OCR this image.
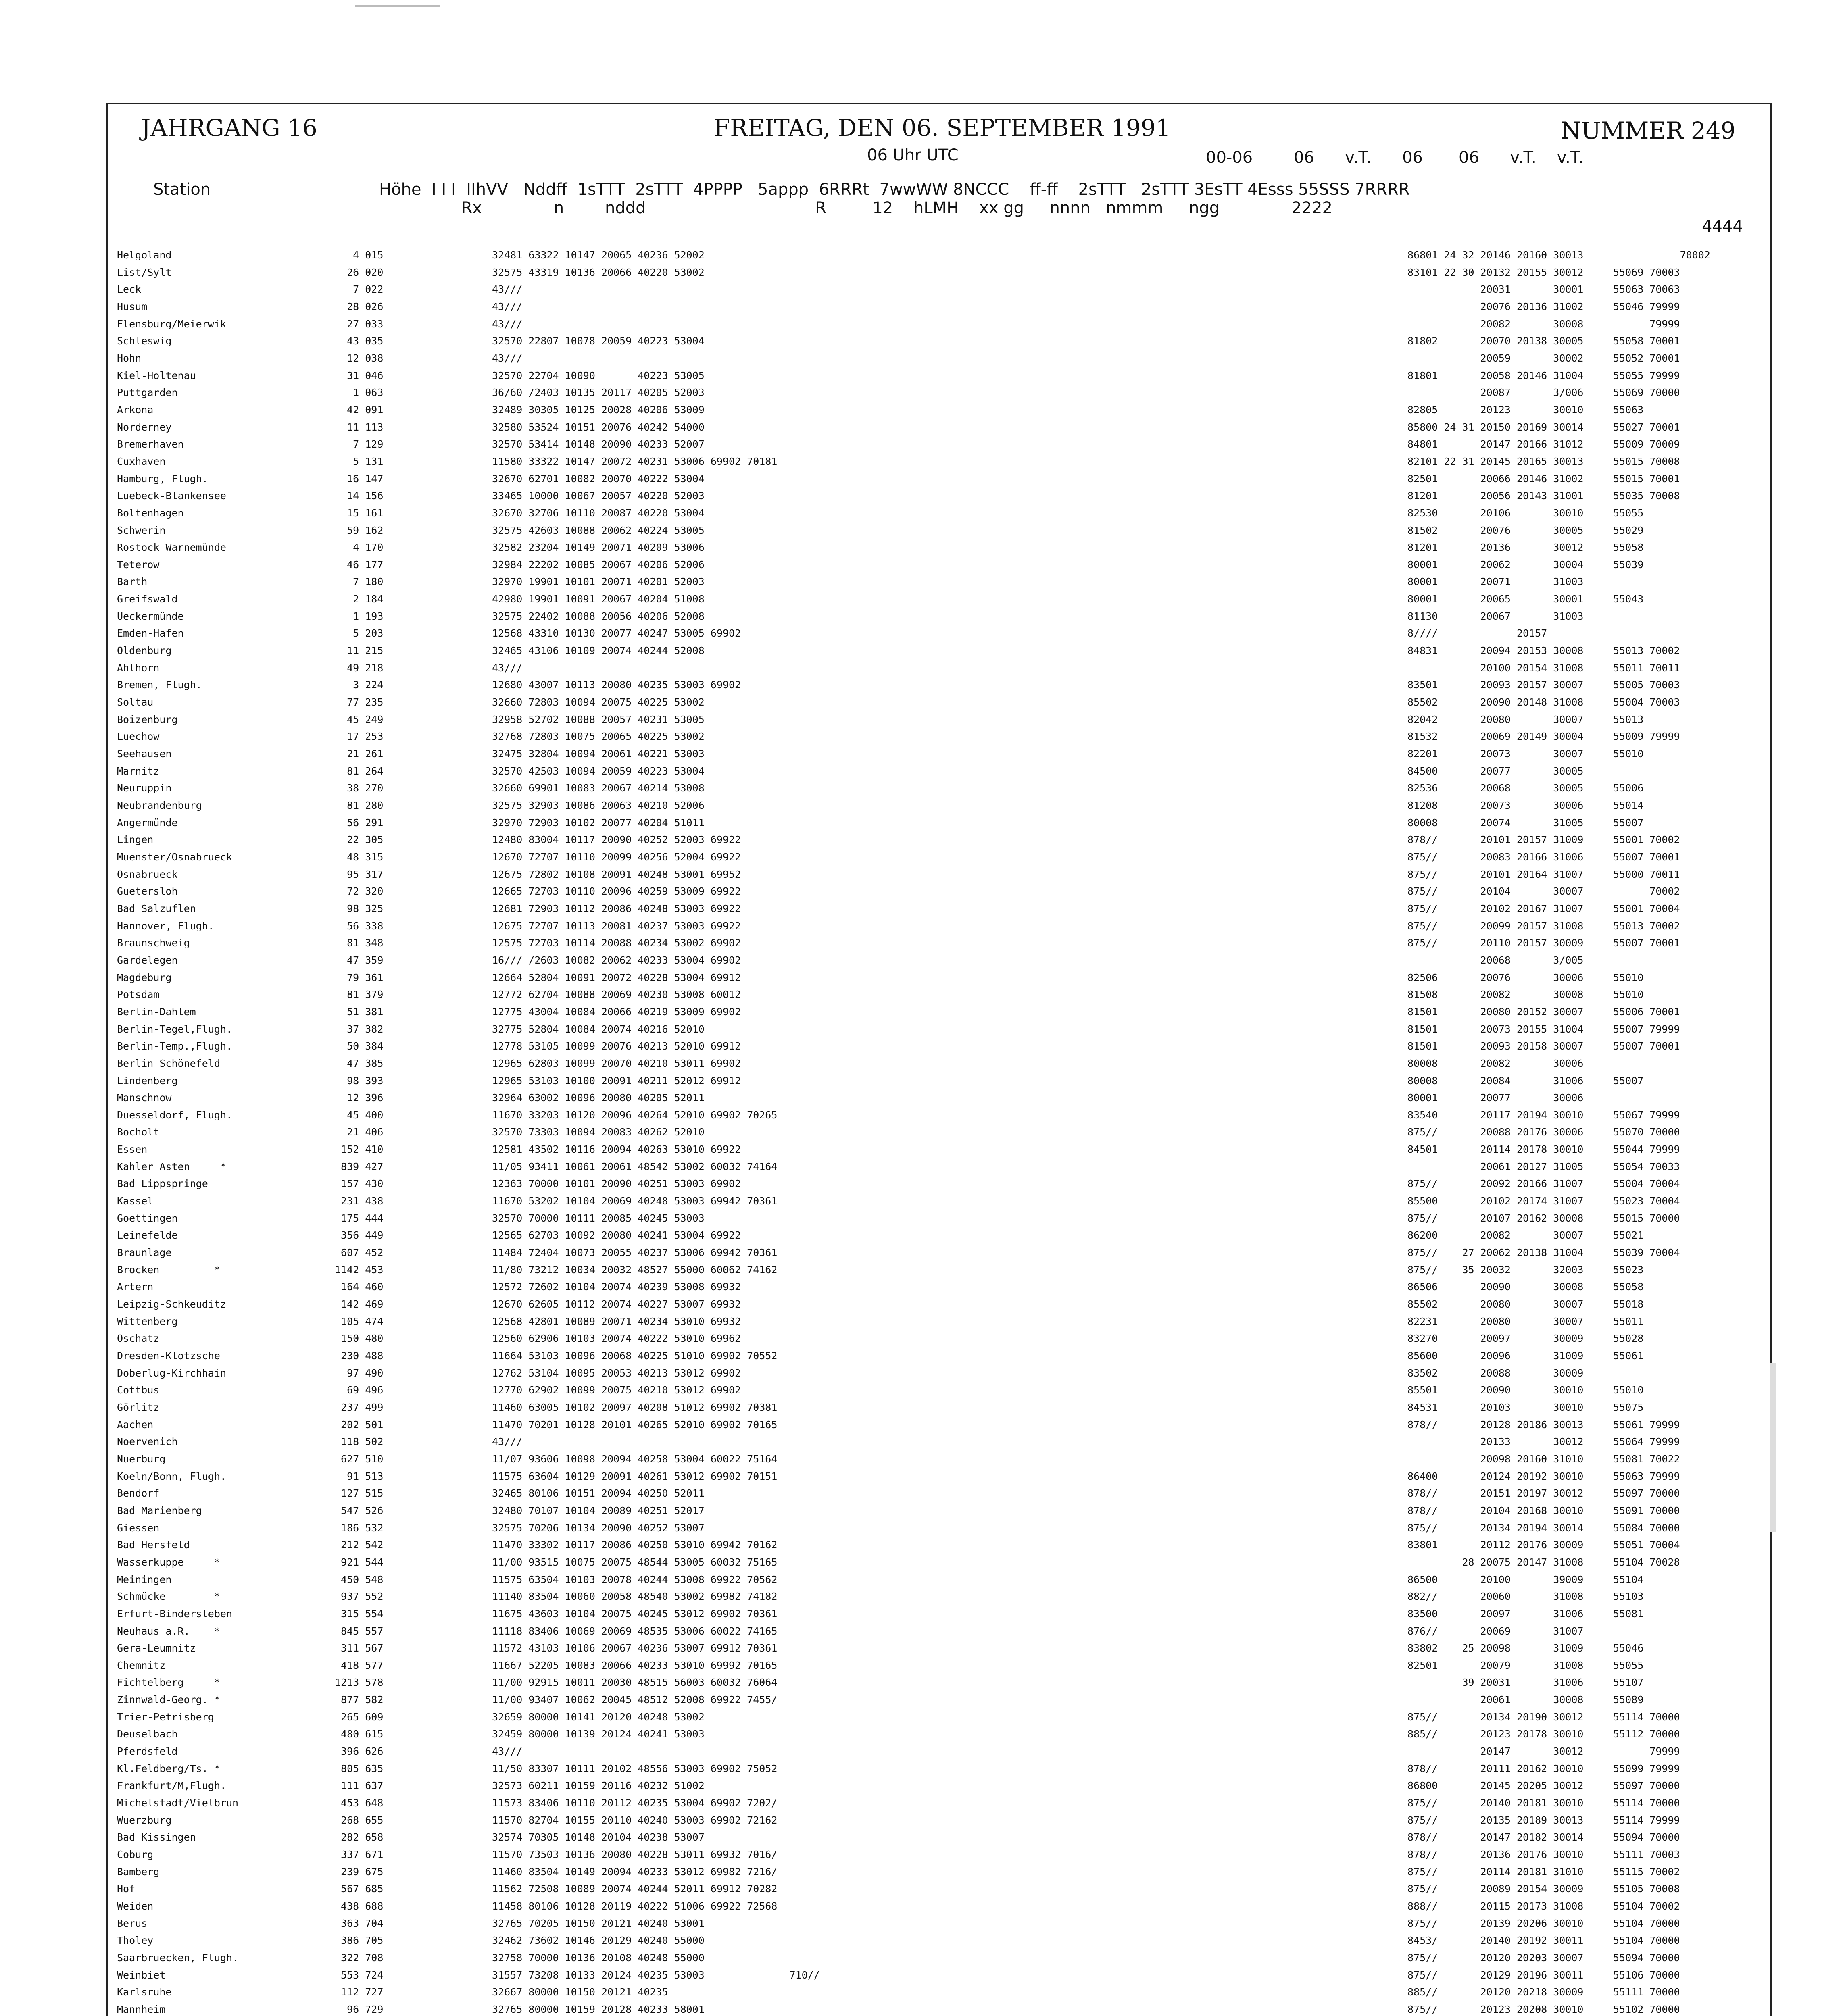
JAHRGANG 16	FREITAG, DEN 06. SEPTEMBER 1991	NUMMER 249
06 Uhr UTC	00-06        06      v.T.      06       06      v.T.    v.T.
Station	Höhe  I I I  IIhVV   Nddff  1sTTT  2sTTT  4PPPP   5appp  6RRRt  7wwWW 8NCCC    ff-ff    2sTTT   2sTTT 3EsTT 4Esss 55SSS 7RRRR
Rx              n        nddd                                 R         12    hLMH    xx gg     nnnn   nmmm     ngg              2222
4444
Helgoland	4 015	32481 63322 10147 20065 40236 52002	86801 24 32 20146 20160 30013	70002
List/Sylt	26 020	32575 43319 10136 20066 40220 53002	83101 22 30 20132 20155 30012	55069 70003
Leck	7 022	43///	20031       30001	55063 70063
Husum	28 026	43///	20076 20136 31002	55046 79999
Flensburg/Meierwik	27 033	43///	20082       30008	79999
Schleswig	43 035	32570 22807 10078 20059 40223 53004	81802       20070 20138 30005	55058 70001
Hohn	12 038	43///	20059       30002	55052 70001
Kiel-Holtenau	31 046	32570 22704 10090       40223 53005	81801       20058 20146 31004	55055 79999
Puttgarden	1 063	36/60 /2403 10135 20117 40205 52003	20087       3/006	55069 70000
Arkona	42 091	32489 30305 10125 20028 40206 53009	82805       20123       30010	55063
Norderney	11 113	32580 53524 10151 20076 40242 54000	85800 24 31 20150 20169 30014	55027 70001
Bremerhaven	7 129	32570 53414 10148 20090 40233 52007	84801       20147 20166 31012	55009 70009
Cuxhaven	5 131	11580 33322 10147 20072 40231 53006 69902 70181	82101 22 31 20145 20165 30013	55015 70008
Hamburg, Flugh.	16 147	32670 62701 10082 20070 40222 53004	82501       20066 20146 31002	55015 70001
Luebeck-Blankensee	14 156	33465 10000 10067 20057 40220 52003	81201       20056 20143 31001	55035 70008
Boltenhagen	15 161	32670 32706 10110 20087 40220 53004	82530       20106       30010	55055
Schwerin	59 162	32575 42603 10088 20062 40224 53005	81502       20076       30005	55029
Rostock-Warnemünde	4 170	32582 23204 10149 20071 40209 53006	81201       20136       30012	55058
Teterow	46 177	32984 22202 10085 20067 40206 52006	80001       20062       30004	55039
Barth	7 180	32970 19901 10101 20071 40201 52003	80001       20071       31003
Greifswald	2 184	42980 19901 10091 20067 40204 51008	80001       20065       30001	55043
Ueckermünde	1 193	32575 22402 10088 20056 40206 52008	81130       20067       31003
Emden-Hafen	5 203	12568 43310 10130 20077 40247 53005 69902	8////             20157
Oldenburg	11 215	32465 43106 10109 20074 40244 52008	84831       20094 20153 30008	55013 70002
Ahlhorn	49 218	43///	20100 20154 31008	55011 70011
Bremen, Flugh.	3 224	12680 43007 10113 20080 40235 53003 69902	83501       20093 20157 30007	55005 70003
Soltau	77 235	32660 72803 10094 20075 40225 53002	85502       20090 20148 31008	55004 70003
Boizenburg	45 249	32958 52702 10088 20057 40231 53005	82042       20080       30007	55013
Luechow	17 253	32768 72803 10075 20065 40225 53002	81532       20069 20149 30004	55009 79999
Seehausen	21 261	32475 32804 10094 20061 40221 53003	82201       20073       30007	55010
Marnitz	81 264	32570 42503 10094 20059 40223 53004	84500       20077       30005
Neuruppin	38 270	32660 69901 10083 20067 40214 53008	82536       20068       30005	55006
Neubrandenburg	81 280	32575 32903 10086 20063 40210 52006	81208       20073       30006	55014
Angermünde	56 291	32970 72903 10102 20077 40204 51011	80008       20074       31005	55007
Lingen	22 305	12480 83004 10117 20090 40252 52003 69922	878//       20101 20157 31009	55001 70002
Muenster/Osnabrueck	48 315	12670 72707 10110 20099 40256 52004 69922	875//       20083 20166 31006	55007 70001
Osnabrueck	95 317	12675 72802 10108 20091 40248 53001 69952	875//       20101 20164 31007	55000 70011
Guetersloh	72 320	12665 72703 10110 20096 40259 53009 69922	875//       20104       30007	70002
Bad Salzuflen	98 325	12681 72903 10112 20086 40248 53003 69922	875//       20102 20167 31007	55001 70004
Hannover, Flugh.	56 338	12675 72707 10113 20081 40237 53003 69922	875//       20099 20157 31008	55013 70002
Braunschweig	81 348	12575 72703 10114 20088 40234 53002 69902	875//       20110 20157 30009	55007 70001
Gardelegen	47 359	16/// /2603 10082 20062 40233 53004 69902	20068       3/005
Magdeburg	79 361	12664 52804 10091 20072 40228 53004 69912	82506       20076       30006	55010
Potsdam	81 379	12772 62704 10088 20069 40230 53008 60012	81508       20082       30008	55010
Berlin-Dahlem	51 381	12775 43004 10084 20066 40219 53009 69902	81501       20080 20152 30007	55006 70001
Berlin-Tegel,Flugh.	37 382	32775 52804 10084 20074 40216 52010	81501       20073 20155 31004	55007 79999
Berlin-Temp.,Flugh.	50 384	12778 53105 10099 20076 40213 52010 69912	81501       20093 20158 30007	55007 70001
Berlin-Schönefeld	47 385	12965 62803 10099 20070 40210 53011 69902	80008       20082       30006
Lindenberg	98 393	12965 53103 10100 20091 40211 52012 69912	80008       20084       31006	55007
Manschnow	12 396	32964 63002 10096 20080 40205 52011	80001       20077       30006
Duesseldorf, Flugh.	45 400	11670 33203 10120 20096 40264 52010 69902 70265	83540       20117 20194 30010	55067 79999
Bocholt	21 406	32570 73303 10094 20083 40262 52010	875//       20088 20176 30006	55070 70000
Essen	152 410	12581 43502 10116 20094 40263 53010 69922	84501       20114 20178 30010	55044 79999
Kahler Asten     *	839 427	11/05 93411 10061 20061 48542 53002 60032 74164	20061 20127 31005	55054 70033
Bad Lippspringe	157 430	12363 70000 10101 20090 40251 53003 69902	875//       20092 20166 31007	55004 70004
Kassel	231 438	11670 53202 10104 20069 40248 53003 69942 70361	85500       20102 20174 31007	55023 70004
Goettingen	175 444	32570 70000 10111 20085 40245 53003	875//       20107 20162 30008	55015 70000
Leinefelde	356 449	12565 62703 10092 20080 40241 53004 69922	86200       20082       30007	55021
Braunlage	607 452	11484 72404 10073 20055 40237 53006 69942 70361	875//    27 20062 20138 31004	55039 70004
Brocken         *	1142 453	11/80 73212 10034 20032 48527 55000 60062 74162	875//    35 20032       32003	55023
Artern	164 460	12572 72602 10104 20074 40239 53008 69932	86506       20090       30008	55058
Leipzig-Schkeuditz	142 469	12670 62605 10112 20074 40227 53007 69932	85502       20080       30007	55018
Wittenberg	105 474	12568 42801 10089 20071 40234 53010 69932	82231       20080       30007	55011
Oschatz	150 480	12560 62906 10103 20074 40222 53010 69962	83270       20097       30009	55028
Dresden-Klotzsche	230 488	11664 53103 10096 20068 40225 51010 69902 70552	85600       20096       31009	55061
Doberlug-Kirchhain	97 490	12762 53104 10095 20053 40213 53012 69902	83502       20088       30009
Cottbus	69 496	12770 62902 10099 20075 40210 53012 69902	85501       20090       30010	55010
Görlitz	237 499	11460 63005 10102 20097 40208 51012 69902 70381	84531       20103       30010	55075
Aachen	202 501	11470 70201 10128 20101 40265 52010 69902 70165	878//       20128 20186 30013	55061 79999
Noervenich	118 502	43///	20133       30012	55064 79999
Nuerburg	627 510	11/07 93606 10098 20094 40258 53004 60022 75164	20098 20160 31010	55081 70022
Koeln/Bonn, Flugh.	91 513	11575 63604 10129 20091 40261 53012 69902 70151	86400       20124 20192 30010	55063 79999
Bendorf	127 515	32465 80106 10151 20094 40250 52011	878//       20151 20197 30012	55097 70000
Bad Marienberg	547 526	32480 70107 10104 20089 40251 52017	878//       20104 20168 30010	55091 70000
Giessen	186 532	32575 70206 10134 20090 40252 53007	875//       20134 20194 30014	55084 70000
Bad Hersfeld	212 542	11470 33302 10117 20086 40250 53010 69942 70162	83801       20112 20176 30009	55051 70004
Wasserkuppe     *	921 544	11/00 93515 10075 20075 48544 53005 60032 75165	28 20075 20147 31008	55104 70028
Meiningen	450 548	11575 63504 10103 20078 40244 53008 69922 70562	86500       20100       39009	55104
Schmücke        *	937 552	11140 83504 10060 20058 48540 53002 69982 74182	882//       20060       31008	55103
Erfurt-Bindersleben	315 554	11675 43603 10104 20075 40245 53012 69902 70361	83500       20097       31006	55081
Neuhaus a.R.    *	845 557	11118 83406 10069 20069 48535 53006 60022 74165	876//       20069       31007
Gera-Leumnitz	311 567	11572 43103 10106 20067 40236 53007 69912 70361	83802    25 20098       31009	55046
Chemnitz	418 577	11667 52205 10083 20066 40233 53010 69992 70165	82501       20079       31008	55055
Fichtelberg     *	1213 578	11/00 92915 10011 20030 48515 56003 60032 76064	39 20031       31006	55107
Zinnwald-Georg. *	877 582	11/00 93407 10062 20045 48512 52008 69922 7455/	20061       30008	55089
Trier-Petrisberg	265 609	32659 80000 10141 20120 40248 53002	875//       20134 20190 30012	55114 70000
Deuselbach	480 615	32459 80000 10139 20124 40241 53003	885//       20123 20178 30010	55112 70000
Pferdsfeld	396 626	43///	20147       30012	79999
Kl.Feldberg/Ts. *	805 635	11/50 83307 10111 20102 48556 53003 69902 75052	878//       20111 20162 30010	55099 79999
Frankfurt/M,Flugh.	111 637	32573 60211 10159 20116 40232 51002	86800       20145 20205 30012	55097 70000
Michelstadt/Vielbrun	453 648	11573 83406 10110 20112 40235 53004 69902 7202/	875//       20140 20181 30010	55114 70000
Wuerzburg	268 655	11570 82704 10155 20110 40240 53003 69902 72162	875//       20135 20189 30013	55114 79999
Bad Kissingen	282 658	32574 70305 10148 20104 40238 53007	878//       20147 20182 30014	55094 70000
Coburg	337 671	11570 73503 10136 20080 40228 53011 69932 7016/	878//       20136 20176 30010	55111 70003
Bamberg	239 675	11460 83504 10149 20094 40233 53012 69982 7216/	875//       20114 20181 31010	55115 70002
Hof	567 685	11562 72508 10089 20074 40244 52011 69912 70282	875//       20089 20154 30009	55105 70008
Weiden	438 688	11458 80106 10128 20119 40222 51006 69922 72568	888//       20115 20173 31008	55104 70002
Berus	363 704	32765 70205 10150 20121 40240 53001	875//       20139 20206 30010	55104 70000
Tholey	386 705	32462 73602 10146 20129 40240 55000	8453/       20140 20192 30011	55104 70000
Saarbruecken, Flugh.	322 708	32758 70000 10136 20108 40248 55000	875//       20120 20203 30007	55094 70000
Weinbiet	553 724	31557 73208 10133 20124 40235 53003              710//	875//       20129 20196 30011	55106 70000
Karlsruhe	112 727	32667 80000 10150 20121 40235	885//       20120 20218 30009	55111 70000
Mannheim	96 729	32765 80000 10159 20128 40233 58001	875//       20123 20208 30010	55102 70000
